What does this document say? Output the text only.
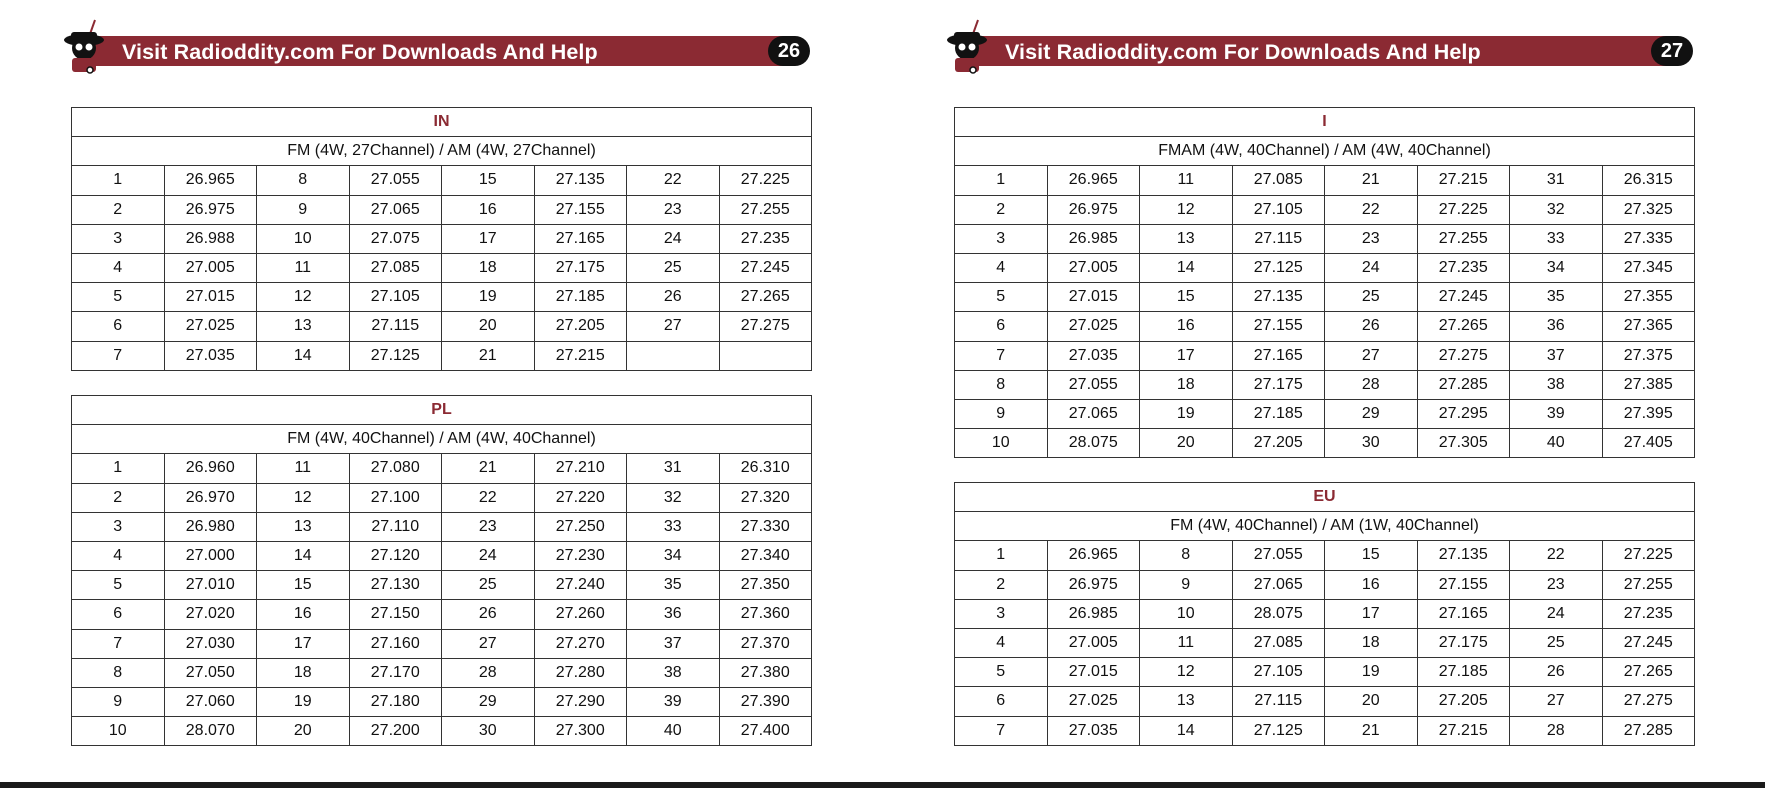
Visit Radioddity.com For Downloads And Help	26
IN							
FM (4W, 27Channel) / AM (4W, 27Channel)							
1	26.965	8	27.055	15	27.135	22	27.225
2	26.975	9	27.065	16	27.155	23	27.255
3	26.988	10	27.075	17	27.165	24	27.235
4	27.005	11	27.085	18	27.175	25	27.245
5	27.015	12	27.105	19	27.185	26	27.265
6	27.025	13	27.115	20	27.205	27	27.275
7	27.035	14	27.125	21	27.215		
PL							
FM (4W, 40Channel) / AM (4W, 40Channel)							
1	26.960	11	27.080	21	27.210	31	26.310
2	26.970	12	27.100	22	27.220	32	27.320
3	26.980	13	27.110	23	27.250	33	27.330
4	27.000	14	27.120	24	27.230	34	27.340
5	27.010	15	27.130	25	27.240	35	27.350
6	27.020	16	27.150	26	27.260	36	27.360
7	27.030	17	27.160	27	27.270	37	27.370
8	27.050	18	27.170	28	27.280	38	27.380
9	27.060	19	27.180	29	27.290	39	27.390
10	28.070	20	27.200	30	27.300	40	27.400
Visit Radioddity.com For Downloads And Help	27
I							
FMAM (4W, 40Channel) / AM (4W, 40Channel)							
1	26.965	11	27.085	21	27.215	31	26.315
2	26.975	12	27.105	22	27.225	32	27.325
3	26.985	13	27.115	23	27.255	33	27.335
4	27.005	14	27.125	24	27.235	34	27.345
5	27.015	15	27.135	25	27.245	35	27.355
6	27.025	16	27.155	26	27.265	36	27.365
7	27.035	17	27.165	27	27.275	37	27.375
8	27.055	18	27.175	28	27.285	38	27.385
9	27.065	19	27.185	29	27.295	39	27.395
10	28.075	20	27.205	30	27.305	40	27.405
EU							
FM (4W, 40Channel) / AM (1W, 40Channel)							
1	26.965	8	27.055	15	27.135	22	27.225
2	26.975	9	27.065	16	27.155	23	27.255
3	26.985	10	28.075	17	27.165	24	27.235
4	27.005	11	27.085	18	27.175	25	27.245
5	27.015	12	27.105	19	27.185	26	27.265
6	27.025	13	27.115	20	27.205	27	27.275
7	27.035	14	27.125	21	27.215	28	27.285
